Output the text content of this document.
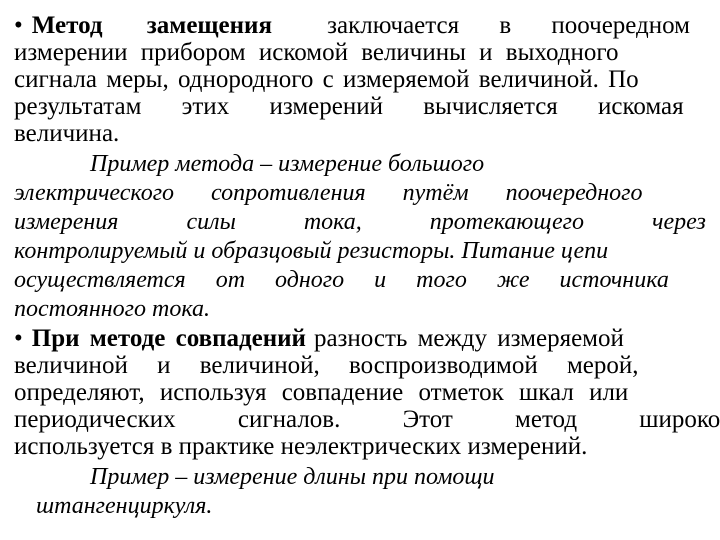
• Метод замещения заключается в поочередном
измерении прибором искомой величины и выходного
сигнала меры, однородного с измеряемой величиной. По
результатам этих измерений вычисляется искомая
величина.
Пример метода – измерение большого
электрического сопротивления путём поочередного
измерения силы тока, протекающего через
контролируемый и образцовый резисторы. Питание цепи
осуществляется от одного и того же источника
постоянного тока.
• При методе совпадений разность между измеряемой
величиной и величиной, воспроизводимой мерой,
определяют, используя совпадение отметок шкал или
периодических сигналов. Этот метод широко
используется в практике неэлектрических измерений.
Пример – измерение длины при помощи
штангенциркуля.
